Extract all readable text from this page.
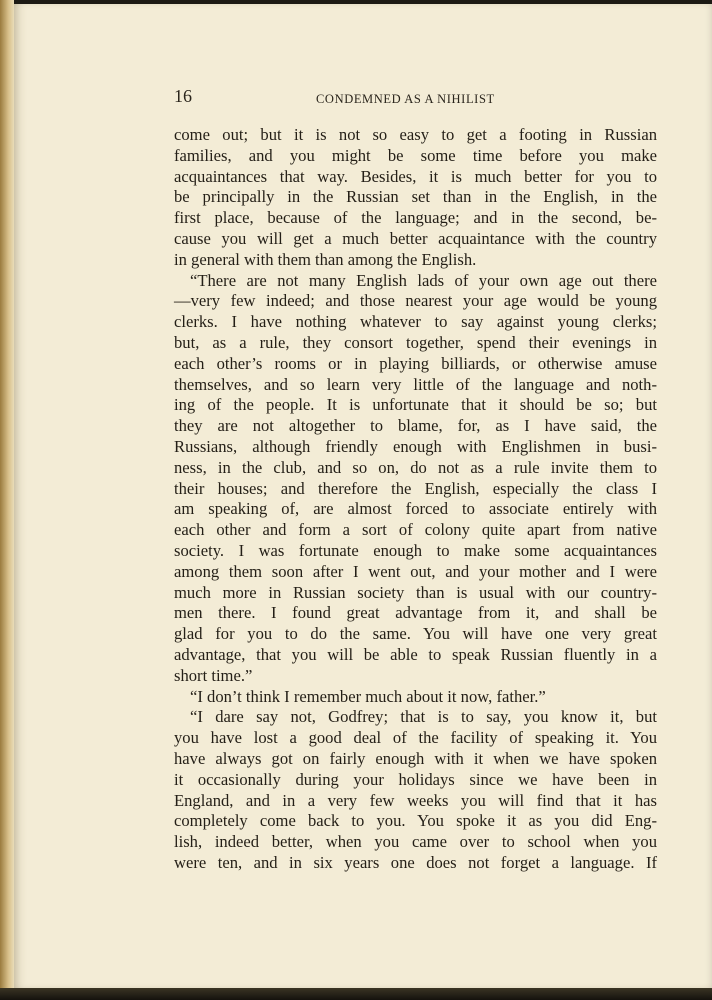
16	CONDEMNED AS A NIHILIST
come out; but it is not so easy to get a footing in Russian
families, and you might be some time before you make
acquaintances that way. Besides, it is much better for you to
be principally in the Russian set than in the English, in the
first place, because of the language; and in the second, be-
cause you will get a much better acquaintance with the country
in general with them than among the English.
“There are not many English lads of your own age out there
—very few indeed; and those nearest your age would be young
clerks. I have nothing whatever to say against young clerks;
but, as a rule, they consort together, spend their evenings in
each other’s rooms or in playing billiards, or otherwise amuse
themselves, and so learn very little of the language and noth-
ing of the people. It is unfortunate that it should be so; but
they are not altogether to blame, for, as I have said, the
Russians, although friendly enough with Englishmen in busi-
ness, in the club, and so on, do not as a rule invite them to
their houses; and therefore the English, especially the class I
am speaking of, are almost forced to associate entirely with
each other and form a sort of colony quite apart from native
society. I was fortunate enough to make some acquaintances
among them soon after I went out, and your mother and I were
much more in Russian society than is usual with our country-
men there. I found great advantage from it, and shall be
glad for you to do the same. You will have one very great
advantage, that you will be able to speak Russian fluently in a
short time.”
“I don’t think I remember much about it now, father.”
“I dare say not, Godfrey; that is to say, you know it, but
you have lost a good deal of the facility of speaking it. You
have always got on fairly enough with it when we have spoken
it occasionally during your holidays since we have been in
England, and in a very few weeks you will find that it has
completely come back to you. You spoke it as you did Eng-
lish, indeed better, when you came over to school when you
were ten, and in six years one does not forget a language. If
